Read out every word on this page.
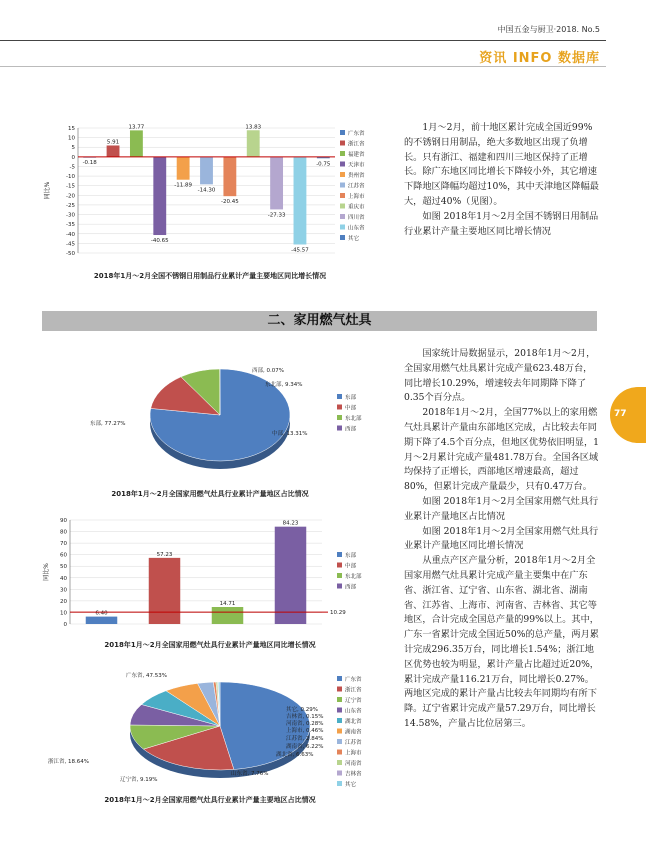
中国五金与厨卫·2018. No.5
资讯 INFO 数据库
15
10
5
0
-5
-10
-15
-20
-25
-30
-35
-40
-45
-50
-0.18
5.91
13.77
-40.65
-11.89
-14.30
-20.45
13.83
-27.33
-45.57
-0.75
同比%
广东省
浙江省
福建省
天津市
贵州省
江苏省
上海市
重庆市
四川省
山东省
其它
2018年1月～2月全国不锈钢日用制品行业累计产量主要地区同比增长情况

1月～2月，前十地区累计完成全国近99%的不锈钢日用制品，绝大多数地区出现了负增长。只有浙江、福建和四川三地区保持了正增长。除广东地区同比增长下降较小外，其它增速下降地区降幅均超过10%，其中天津地区降幅最大，超过40%（见图）。

如图 2018年1月～2月全国不锈钢日用制品行业累计产量主要地区同比增长情况

二、家用燃气灶具
77
东部, 77.27%
中部, 13.31%
东北部, 9.34%
西部, 0.07%
东部
中部
东北部
西部
2018年1月～2月全国家用燃气灶具行业累计产量地区占比情况
90
80
70
60
50
40
30
20
10
0
6.40
57.23
14.71
84.23
10.29
同比%
东部
中部
东北部
西部
2018年1月～2月全国家用燃气灶具行业累计产量地区同比增长情况
广东省, 47.53%
浙江省, 18.64%
辽宁省, 9.19%
山东省, 7.76%
湖北省, 6.63%
湖南省, 6.22%
江苏省, 2.84%
上海市, 0.46%
河南省, 0.28%
吉林省, 0.15%
其它, 0.29%
广东省
浙江省
辽宁省
山东省
湖北省
湖南省
江苏省
上海市
河南省
吉林省
其它
2018年1月～2月全国家用燃气灶具行业累计产量主要地区占比情况

国家统计局数据显示，2018年1月～2月，全国家用燃气灶具累计完成产量623.48万台，同比增长10.29%，增速较去年同期降下降了0.35个百分点。

2018年1月～2月，全国77%以上的家用燃气灶具累计产量由东部地区完成，占比较去年同期下降了4.5个百分点，但地区优势依旧明显，1月～2月累计完成产量481.78万台。全国各区域均保持了正增长，西部地区增速最高，超过80%，但累计完成产量最少，只有0.47万台。

如图 2018年1月～2月全国家用燃气灶具行业累计产量地区占比情况

如图 2018年1月～2月全国家用燃气灶具行业累计产量地区同比增长情况

从重点产区产量分析，2018年1月～2月全国家用燃气灶具累计完成产量主要集中在广东省、浙江省、辽宁省、山东省、湖北省、湖南省、江苏省、上海市、河南省、吉林省、其它等地区，合计完成全国总产量的99%以上。其中，广东一省累计完成全国近50%的总产量，两月累计完成296.35万台，同比增长1.54%；浙江地区优势也较为明显，累计产量占比超过近20%，累计完成产量116.21万台，同比增长0.27%。两地区完成的累计产量占比较去年同期均有所下降。辽宁省累计完成产量57.29万台，同比增长14.58%，产量占比位居第三。
